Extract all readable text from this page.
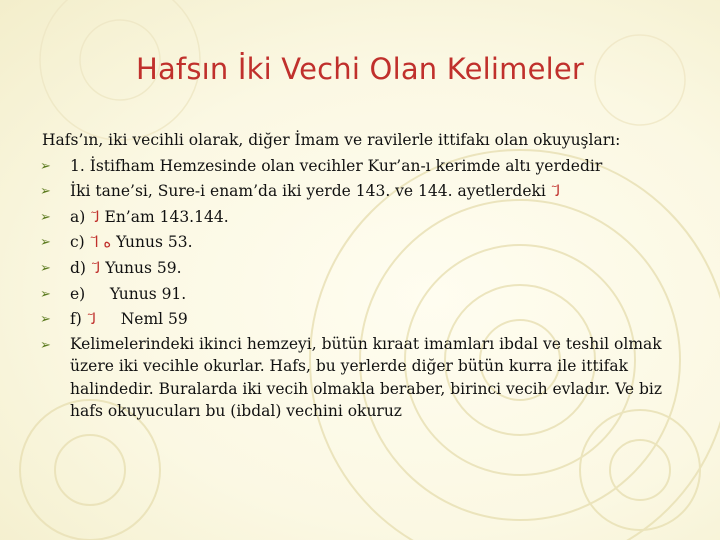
Hafsın İki Vechi Olan Kelimeler

Hafs’ın, iki vecihli olarak, diğer İmam ve ravilerle ittifakı olan okuyuşları:

➢ 1. İstifham Hemzesinde olan vecihler Kur’an-ı kerimde altı yerdedir
➢ İki tane’si, Sure-i enam’da iki yerde 143. ve 144. ayetlerdeki ٓ ﻟ
➢ a) ٓ ﻟ En’am 143.144.
➢ c) ٓ ﻩ ا Yunus 53.
➢ d) ٓ ﻟ Yunus 59.
➢ e)     Yunus 91.
➢ f) ٓ ﻟ     Neml 59
➢ Kelimelerindeki ikinci hemzeyi, bütün kıraat imamları ibdal ve teshil olmak üzere iki vecihle okurlar. Hafs, bu yerlerde diğer bütün kurra ile ittifak halindedir. Buralarda iki vecih olmakla beraber, birinci vecih evladır. Ve biz hafs okuyucuları bu (ibdal) vechini okuruz
